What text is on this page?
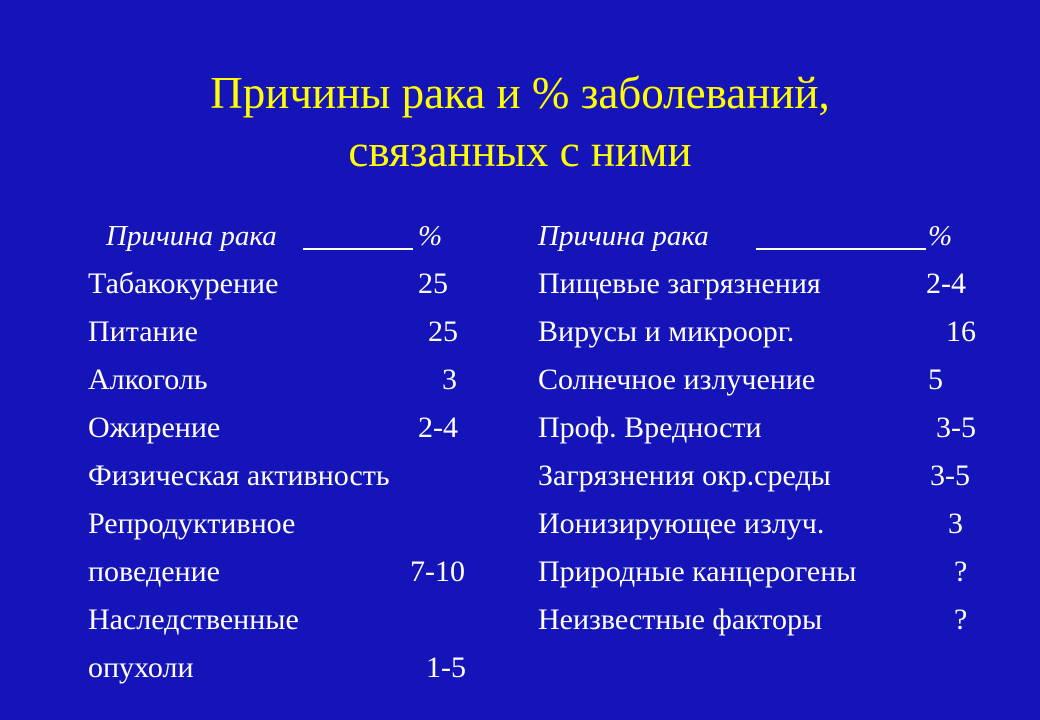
Причины рака и % заболеваний,
связанных с ними
Причина рака	%
Табакокурение	25
Питание	25
Алкоголь	3
Ожирение	2-4
Физическая активность
Репродуктивное
поведение	7-10
Наследственные
опухоли	1-5
Причина рака	%
Пищевые загрязнения	2-4
Вирусы и микроорг.	16
Солнечное излучение	5
Проф. Вредности	3-5
Загрязнения окр.среды	3-5
Ионизирующее излуч.	3
Природные канцерогены	?
Неизвестные факторы	?
